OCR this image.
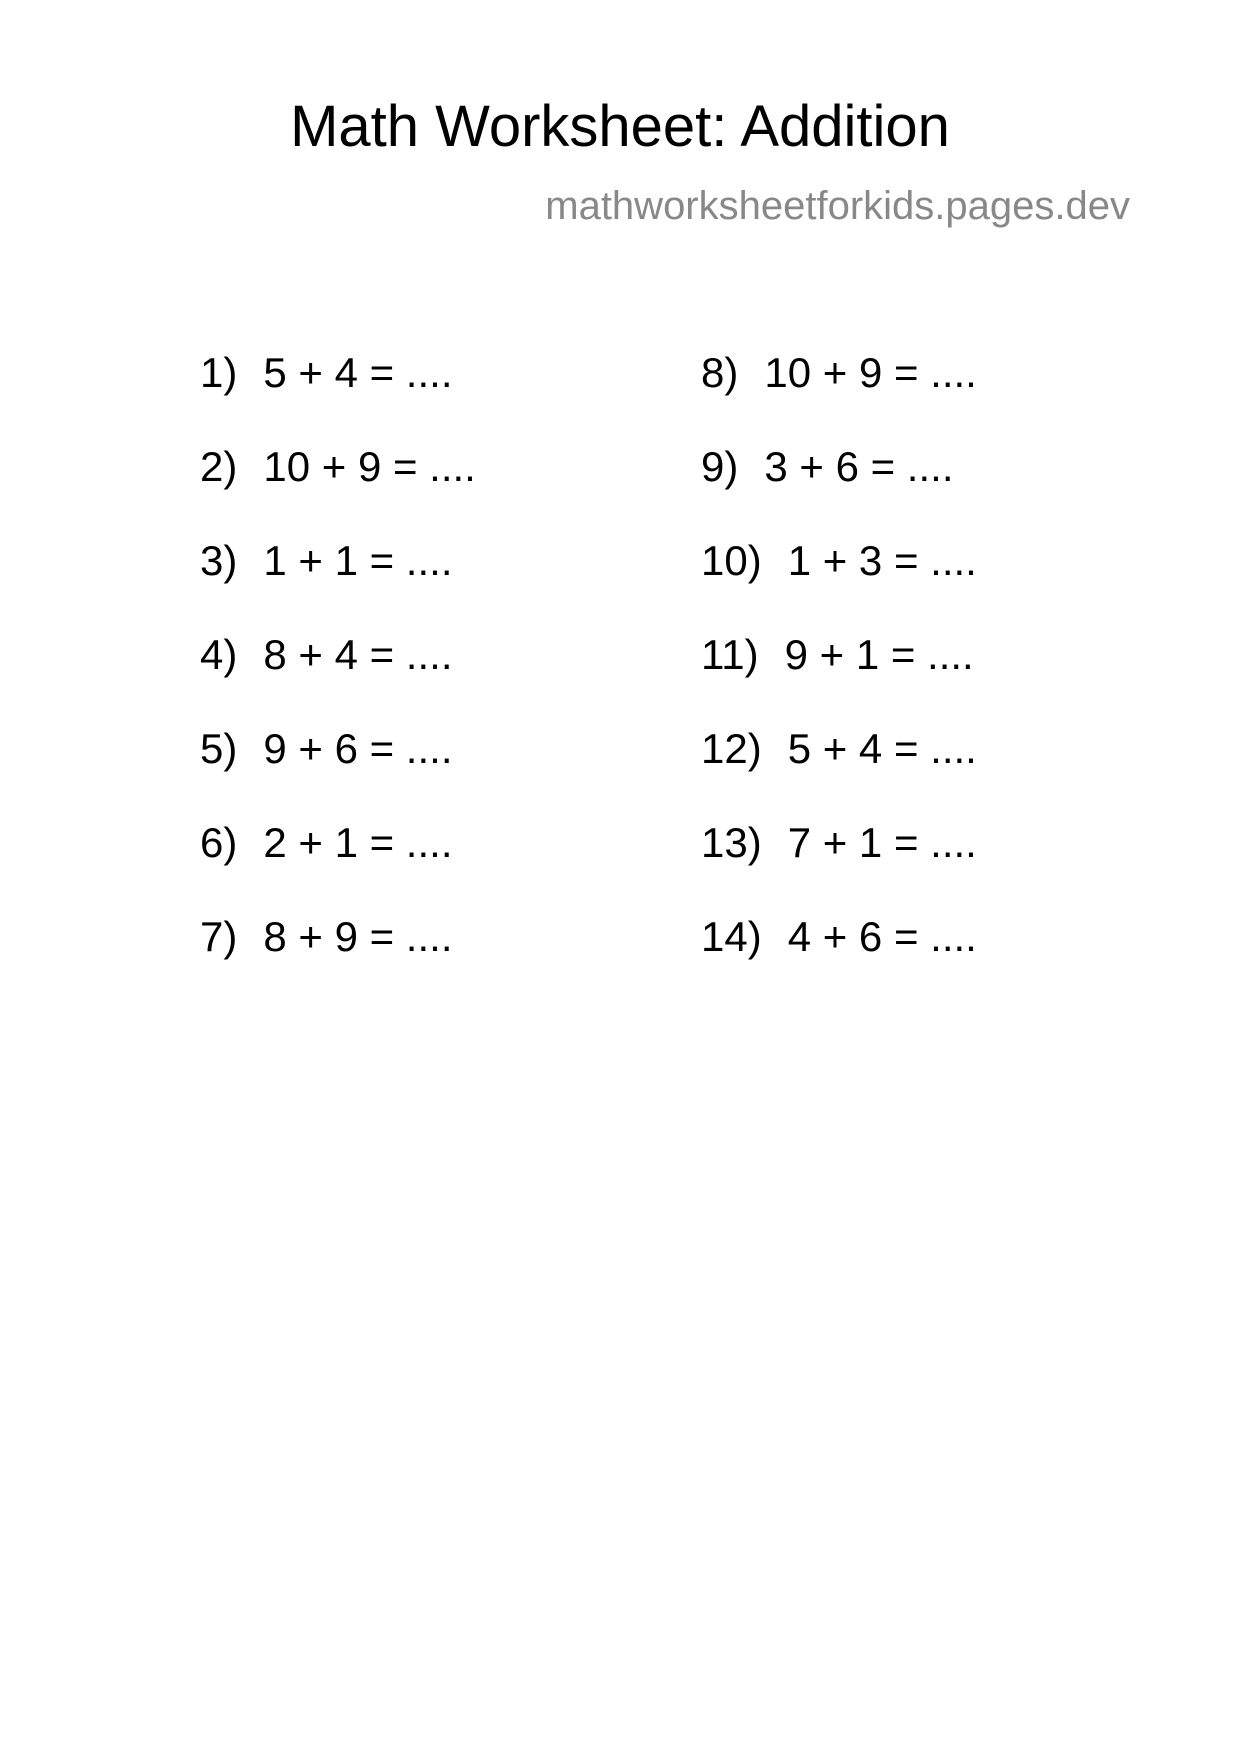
Math Worksheet: Addition
mathworksheetforkids.pages.dev
1) 5 + 4 = ....
2) 10 + 9 = ....
3) 1 + 1 = ....
4) 8 + 4 = ....
5) 9 + 6 = ....
6) 2 + 1 = ....
7) 8 + 9 = ....
8) 10 + 9 = ....
9) 3 + 6 = ....
10) 1 + 3 = ....
11) 9 + 1 = ....
12) 5 + 4 = ....
13) 7 + 1 = ....
14) 4 + 6 = ....
